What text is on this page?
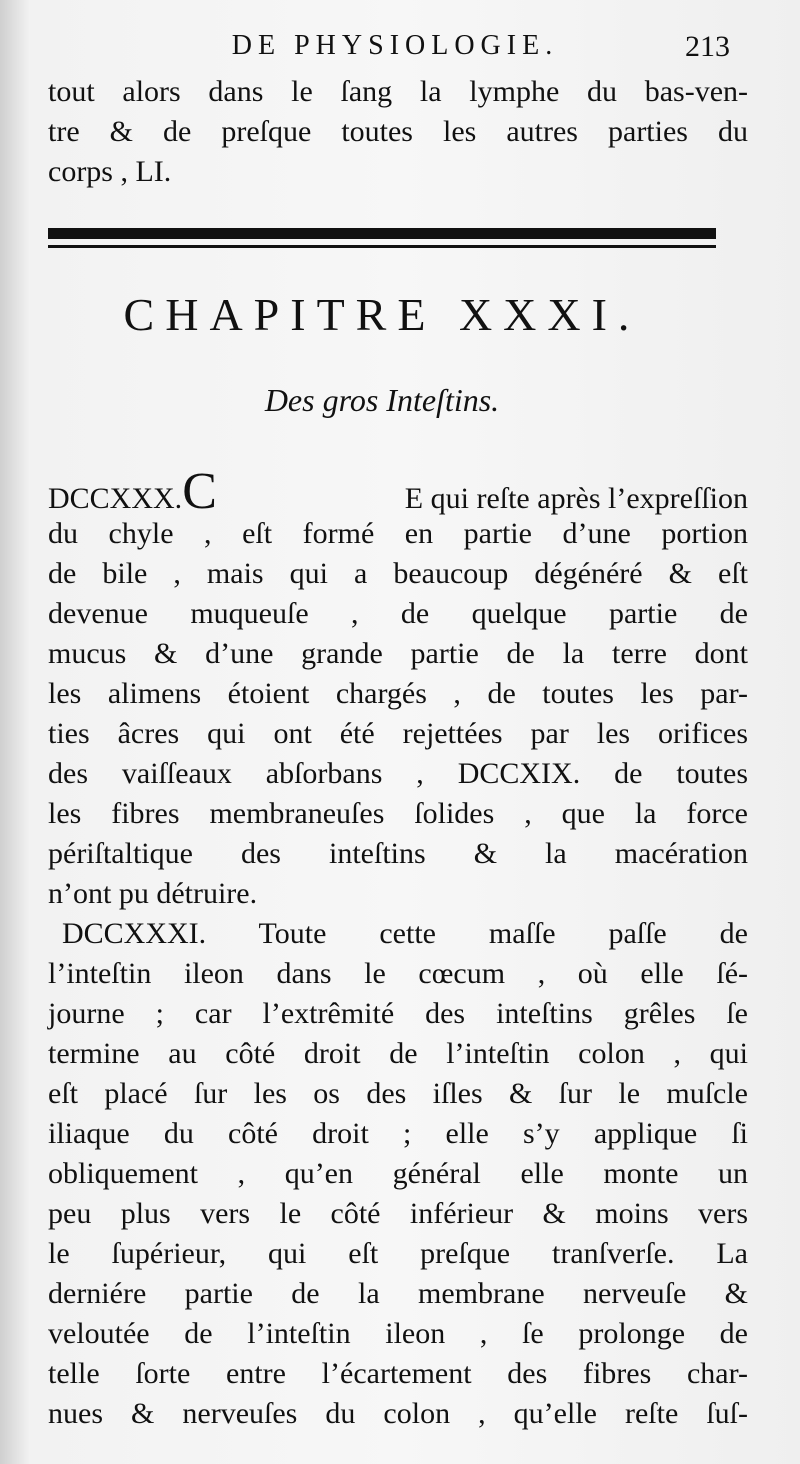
DE PHYSIOLOGIE.	213
tout alors dans le ſang la lymphe du bas-ven-
tre & de preſque toutes les autres parties du
corps , LI.
CHAPITRE XXXI.
Des gros Inteſtins.
DCCXXX. C	E qui reſte après l’expreſſion
du chyle , eſt formé en partie d’une portion
de bile , mais qui a beaucoup dégénéré & eſt
devenue muqueuſe , de quelque partie de
mucus & d’une grande partie de la terre dont
les alimens étoient chargés , de toutes les par-
ties âcres qui ont été rejettées par les orifices
des vaiſſeaux abſorbans , DCCXIX. de toutes
les fibres membraneuſes ſolides , que la force
périſtaltique des inteſtins & la macération
n’ont pu détruire.
DCCXXXI. Toute cette maſſe paſſe de
l’inteſtin ileon dans le cœcum , où elle ſé-
journe ; car l’extrêmité des inteſtins grêles ſe
termine au côté droit de l’inteſtin colon , qui
eſt placé ſur les os des iſles & ſur le muſcle
iliaque du côté droit ; elle s’y applique ſi
obliquement , qu’en général elle monte un
peu plus vers le côté inférieur & moins vers
le ſupérieur, qui eſt preſque tranſverſe. La
derniére partie de la membrane nerveuſe &
veloutée de l’inteſtin ileon , ſe prolonge de
telle ſorte entre l’écartement des fibres char-
nues & nerveuſes du colon , qu’elle reſte ſuſ-
